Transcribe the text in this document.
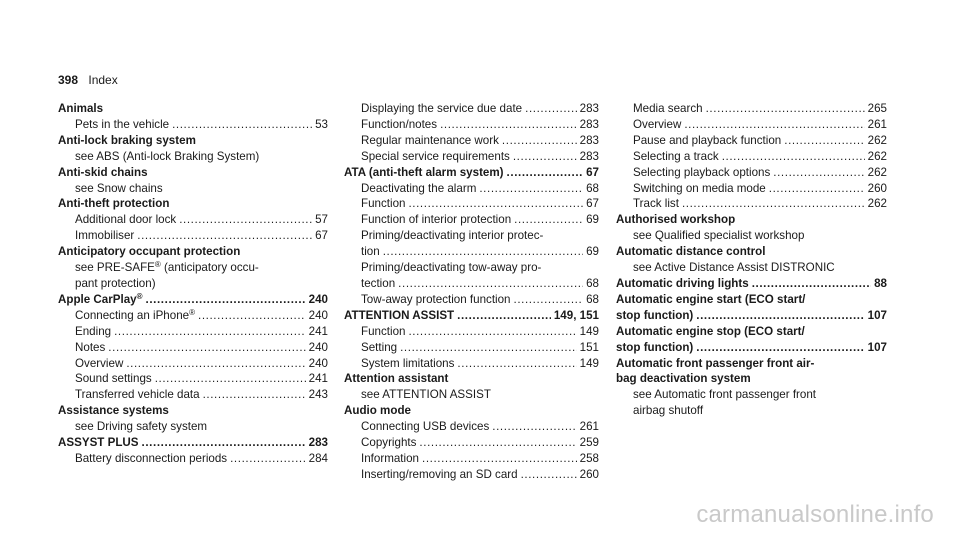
398 Index
Animals
Pets in the vehicle .....	53
Anti-lock braking system
see ABS (Anti-lock Braking System)
Anti-skid chains
see Snow chains
Anti-theft protection
Additional door lock .....	57
Immobiliser .....	67
Anticipatory occupant protection
see PRE-SAFE® (anticipatory occu-
pant protection)
Apple CarPlay® .....	240
Connecting an iPhone® .....	240
Ending .....	241
Notes .....	240
Overview .....	240
Sound settings .....	241
Transferred vehicle data .....	243
Assistance systems
see Driving safety system
ASSYST PLUS .....	283
Battery disconnection periods .....	284
Displaying the service due date .....	283
Function/notes .....	283
Regular maintenance work .....	283
Special service requirements .....	283
ATA (anti-theft alarm system) .....	67
Deactivating the alarm .....	68
Function .....	67
Function of interior protection .....	69
Priming/deactivating interior protec-
tion .....	69
Priming/deactivating tow-away pro-
tection .....	68
Tow-away protection function .....	68
ATTENTION ASSIST .....	149, 151
Function .....	149
Setting .....	151
System limitations .....	149
Attention assistant
see ATTENTION ASSIST
Audio mode
Connecting USB devices .....	261
Copyrights .....	259
Information .....	258
Inserting/removing an SD card .....	260
Media search .....	265
Overview .....	261
Pause and playback function .....	262
Selecting a track .....	262
Selecting playback options .....	262
Switching on media mode .....	260
Track list .....	262
Authorised workshop
see Qualified specialist workshop
Automatic distance control
see Active Distance Assist DISTRONIC
Automatic driving lights .....	88
Automatic engine start (ECO start/
stop function) .....	107
Automatic engine stop (ECO start/
stop function) .....	107
Automatic front passenger front air-
bag deactivation system
see Automatic front passenger front
airbag shutoff
carmanualsonline.info
